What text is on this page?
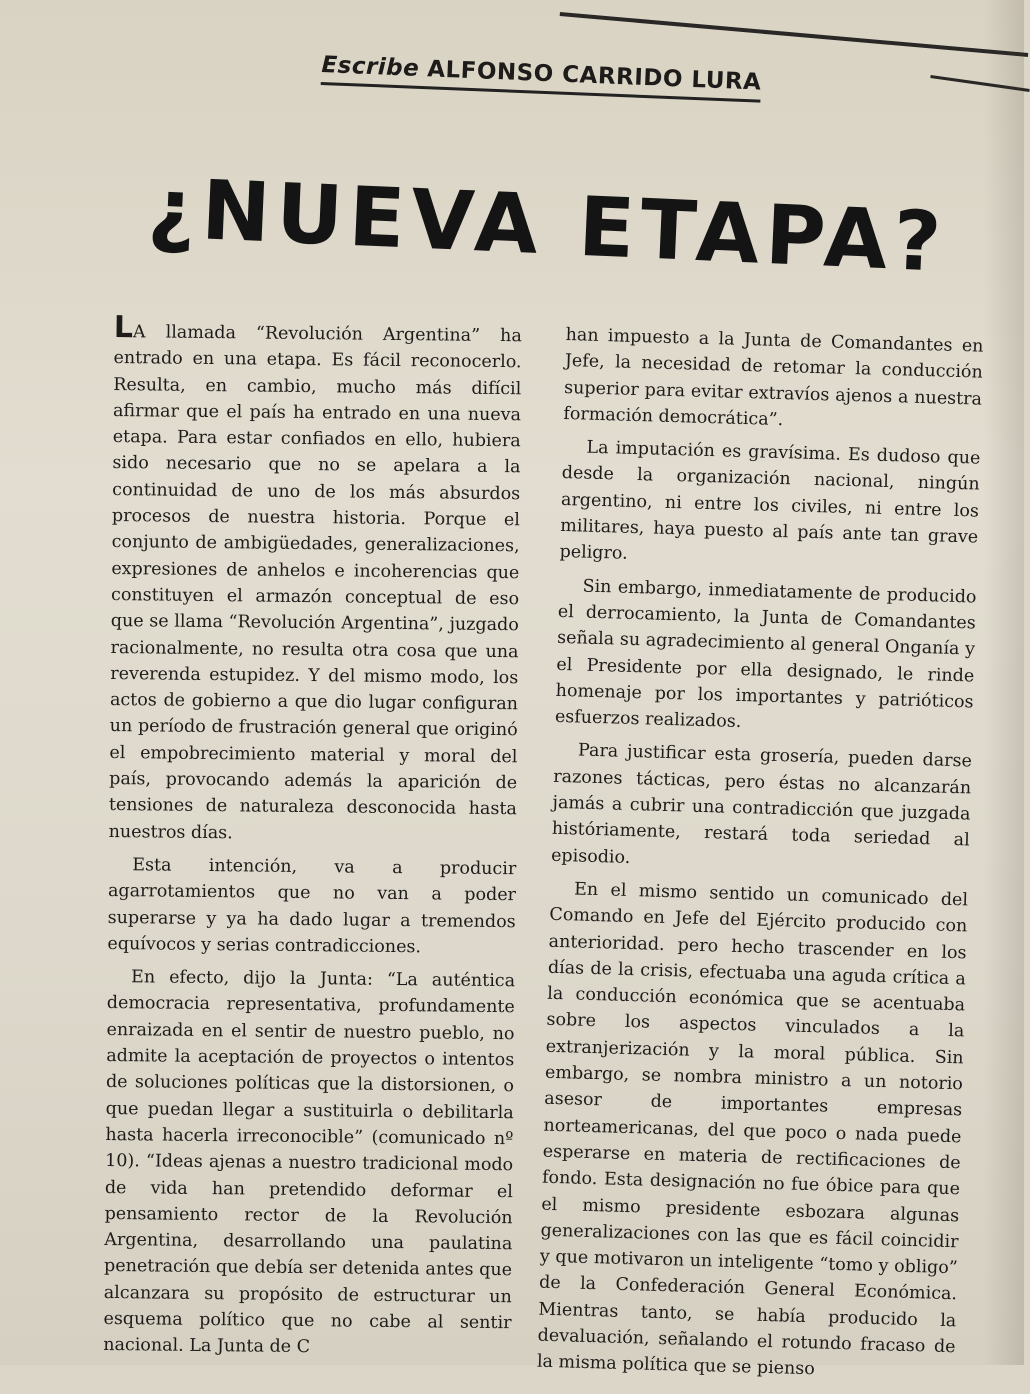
Escribe ALFONSO CARRIDO LURA
¿NUEVA ETAPA?

LA llamada “Revolución Argentina” ha entrado en una etapa. Es fácil reconocerlo. Resulta, en cambio, mucho más difícil afirmar que el país ha entrado en una nueva etapa. Para estar confiados en ello, hubiera sido necesario que no se apelara a la continuidad de uno de los más absurdos procesos de nuestra historia. Porque el conjunto de ambigüedades, generalizaciones, expresiones de anhelos e incoherencias que constituyen el armazón conceptual de eso que se llama “Revolución Argentina”, juzgado racionalmente, no resulta otra cosa que una reverenda estupidez. Y del mismo modo, los actos de gobierno a que dio lugar configuran un período de frustración general que originó el empobrecimiento material y moral del país, provocando además la aparición de tensiones de naturaleza desconocida hasta nuestros días.

Esta intención, va a producir agarrotamientos que no van a poder superarse y ya ha dado lugar a tremendos equívocos y serias contradicciones.

En efecto, dijo la Junta: “La auténtica democracia representativa, profundamente enraizada en el sentir de nuestro pueblo, no admite la aceptación de proyectos o intentos de soluciones políticas que la distorsionen, o que puedan llegar a sustituirla o debilitarla hasta hacerla irreconocible” (comunicado nº 10). “Ideas ajenas a nuestro tradicional modo de vida han pretendido deformar el pensamiento rector de la Revolución Argentina, desarrollando una paulatina penetración que debía ser detenida antes que alcanzara su propósito de estructurar un esquema político que no cabe al sentir nacional. La Junta de C

han impuesto a la Junta de Comandantes en Jefe, la necesidad de retomar la conducción superior para evitar extravíos ajenos a nuestra formación democrática”.

La imputación es gravísima. Es dudoso que desde la organización nacional, ningún argentino, ni entre los civiles, ni entre los militares, haya puesto al país ante tan grave peligro.

Sin embargo, inmediatamente de producido el derrocamiento, la Junta de Comandantes señala su agradecimiento al general Onganía y el Presidente por ella designado, le rinde homenaje por los importantes y patrióticos esfuerzos realizados.

Para justificar esta grosería, pueden darse razones tácticas, pero éstas no alcanzarán jamás a cubrir una contradicción que juzgada históriamente, restará toda seriedad al episodio.

En el mismo sentido un comunicado del Comando en Jefe del Ejército producido con anterioridad. pero hecho trascender en los días de la crisis, efectuaba una aguda crítica a la conducción económica que se acentuaba sobre los aspectos vinculados a la extranjerización y la moral pública. Sin embargo, se nombra ministro a un notorio asesor de importantes empresas norteamericanas, del que poco o nada puede esperarse en materia de rectificaciones de fondo. Esta designación no fue óbice para que el mismo presidente esbozara algunas generalizaciones con las que es fácil coincidir y que motivaron un inteligente “tomo y obligo” de la Confederación General Económica. Mientras tanto, se había producido la devaluación, señalando el rotundo fracaso de la misma política que se pienso
